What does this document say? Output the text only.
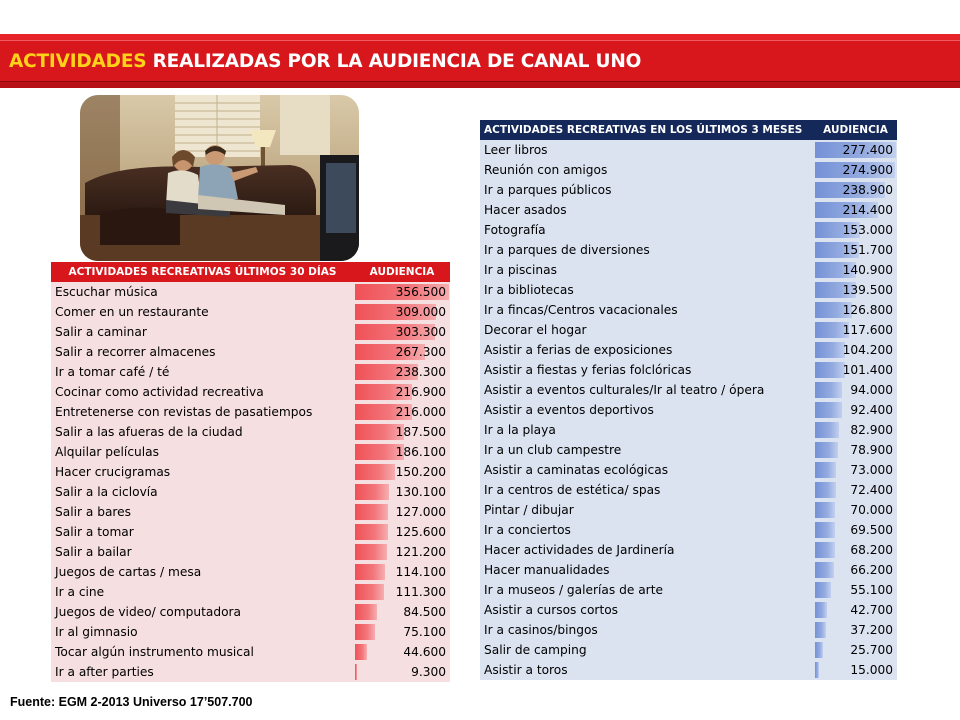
ACTIVIDADES
REALIZADAS POR LA AUDIENCIA DE CANAL UNO
ACTIVIDADES RECREATIVAS ÚLTIMOS 30 DÍAS	AUDIENCIA
Escuchar música	356.500
Comer en un restaurante	309.000
Salir a caminar	303.300
Salir a recorrer almacenes	267.300
Ir a tomar café / té	238.300
Cocinar como actividad recreativa	216.900
Entretenerse con revistas de pasatiempos	216.000
Salir a las afueras de la ciudad	187.500
Alquilar películas	186.100
Hacer crucigramas	150.200
Salir a la ciclovía	130.100
Salir a bares	127.000
Salir a tomar	125.600
Salir a bailar	121.200
Juegos de cartas / mesa	114.100
Ir a cine	111.300
Juegos de video/ computadora	84.500
Ir al gimnasio	75.100
Tocar algún instrumento musical	44.600
Ir a after parties	9.300
ACTIVIDADES RECREATIVAS EN LOS ÚLTIMOS 3 MESES	AUDIENCIA
Leer libros	277.400
Reunión con amigos	274.900
Ir a parques públicos	238.900
Hacer asados	214.400
Fotografía	153.000
Ir a parques de diversiones	151.700
Ir a piscinas	140.900
Ir a bibliotecas	139.500
Ir a fincas/Centros vacacionales	126.800
Decorar el hogar	117.600
Asistir a ferias de exposiciones	104.200
Asistir a fiestas y ferias folclóricas	101.400
Asistir a eventos culturales/Ir al teatro / ópera	94.000
Asistir a eventos deportivos	92.400
Ir a la playa	82.900
Ir a un club campestre	78.900
Asistir a caminatas ecológicas	73.000
Ir a centros de estética/ spas	72.400
Pintar / dibujar	70.000
Ir a conciertos	69.500
Hacer actividades de Jardinería	68.200
Hacer manualidades	66.200
Ir a museos / galerías de arte	55.100
Asistir a cursos cortos	42.700
Ir a casinos/bingos	37.200
Salir de camping	25.700
Asistir a toros	15.000
Fuente: EGM 2-2013 Universo 17’507.700
